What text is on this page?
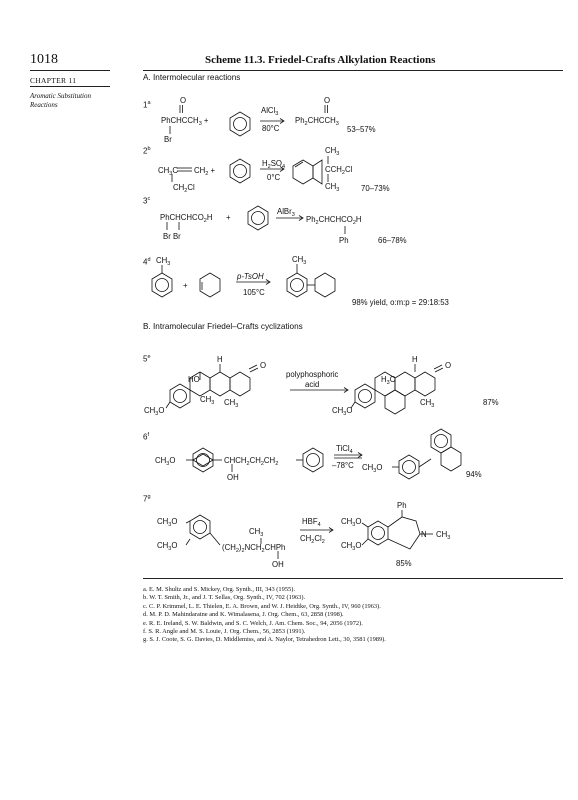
1018	Scheme 11.3. Friedel-Crafts Alkylation Reactions
CHAPTER 11
Aromatic Substitution
Reactions
A. Intermolecular reactions
B. Intramolecular Friedel–Crafts cyclizations
1$^a$
2$^b$
3$^c$
4$^d$
5e
6$^f$
7$^g$
O
PhCHCCH$_3$ +
Br
AlCl$_3$
80°C
O
$Ph_2CHCCH_3$
53–57%
$CH_3C$ $CH_2$ +
$CH_2Cl$
$H_2SO_4$
0°C
$CH_3$
$CCH_2Cl$
$CH_3$	70–73%
PhCHCHCO$_2$H +
Br Br
AlBr$_3$ $Ph_2CHCHCO_2H$
Ph	66–78%
$CH_3$
+
p-TsOH
105°C
$CH_3$
98% yield, o:m:p = 29:18:53
H
O
HO
$CH_3$ $CH_3$
$CH_3O$
polyphosphoric
acid
H
O
$H_3C$
$CH_3$
$CH_3O$
87%
$CH_3O$	$CHCH_2CH_2CH_2$
OH
TiCl$_4$
–78°C $CH_3O$
94%
$CH_3O$
$CH_3O$
$CH_3$
$(CH_2)_2NCH_2CHPh$
OH
$HBF_4$
$CH_2Cl_2$
$CH_3O$
$CH_3O$
Ph
N $CH_3$
85%
a. E. M. Shultz and S. Mickey, Org. Synth., III, 343 (1955).
b. W. T. Smith, Jr., and J. T. Sellas, Org. Synth., IV, 702 (1963).
c. C. P. Krimmel, L. E. Thielen, E. A. Brown, and W. J. Heidtke, Org. Synth., IV, 960 (1963).
d. M. P. D. Mahindaratne and K. Wimalasena, J. Org. Chem., 63, 2858 (1998).
e. R. E. Ireland, S. W. Baldwin, and S. C. Welch, J. Am. Chem. Soc., 94, 2056 (1972).
f. S. R. Angle and M. S. Louie, J. Org. Chem., 56, 2853 (1991).
g. S. J. Coote, S. G. Davies, D. Middlemiss, and A. Naylor, Tetrahedron Lett., 30, 3581 (1989).
